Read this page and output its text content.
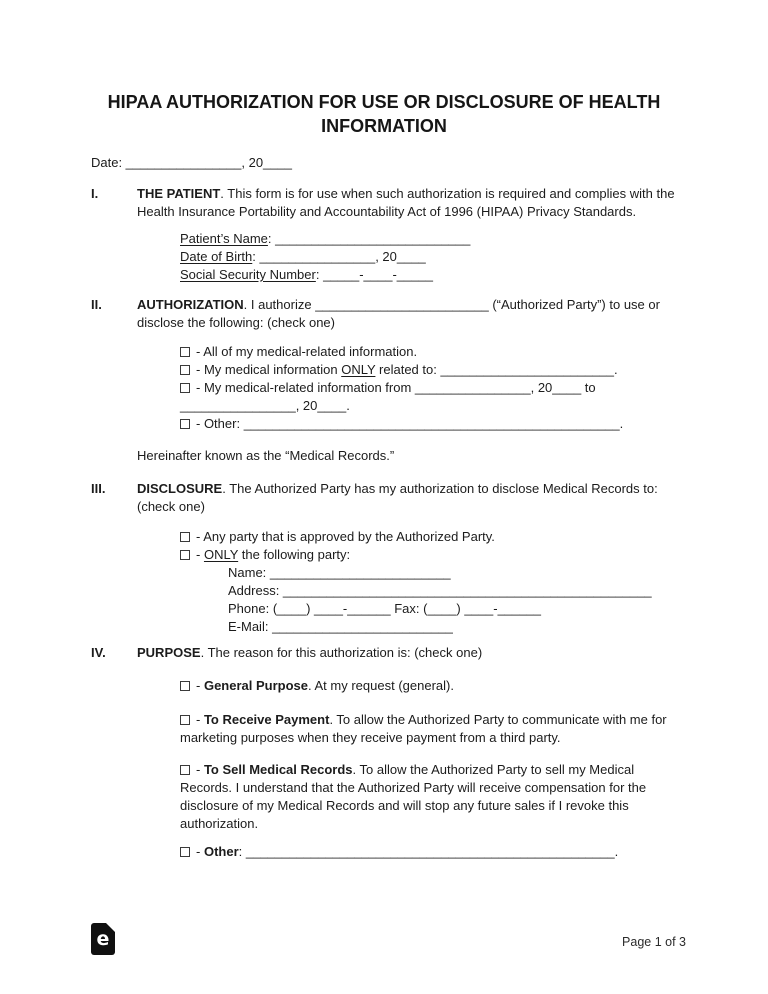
HIPAA AUTHORIZATION FOR USE OR DISCLOSURE OF HEALTH INFORMATION

Date: ________________, 20____

I.	THE PATIENT. This form is for use when such authorization is required and complies with the Health Insurance Portability and Accountability Act of 1996 (HIPAA) Privacy Standards.

Patient’s Name: ___________________________

Date of Birth: ________________, 20____

Social Security Number: _____-____-_____

II.	AUTHORIZATION. I authorize ________________________ (“Authorized Party”) to use or disclose the following: (check one)

- All of my medical-related information.

- My medical information ONLY related to: ________________________.

- My medical-related information from ________________, 20____ to ________________, 20____.

- Other: ____________________________________________________.

Hereinafter known as the “Medical Records.”

III.	DISCLOSURE. The Authorized Party has my authorization to disclose Medical Records to: (check one)

- Any party that is approved by the Authorized Party.

- ONLY the following party:

Name: _________________________

Address: ___________________________________________________

Phone: (____) ____-______ Fax: (____) ____-______

E-Mail: _________________________

IV.	PURPOSE. The reason for this authorization is: (check one)

- General Purpose. At my request (general).

- To Receive Payment. To allow the Authorized Party to communicate with me for marketing purposes when they receive payment from a third party.

- To Sell Medical Records. To allow the Authorized Party to sell my Medical Records. I understand that the Authorized Party will receive compensation for the disclosure of my Medical Records and will stop any future sales if I revoke this authorization.

- Other: ___________________________________________________.

e	Page 1 of 3
